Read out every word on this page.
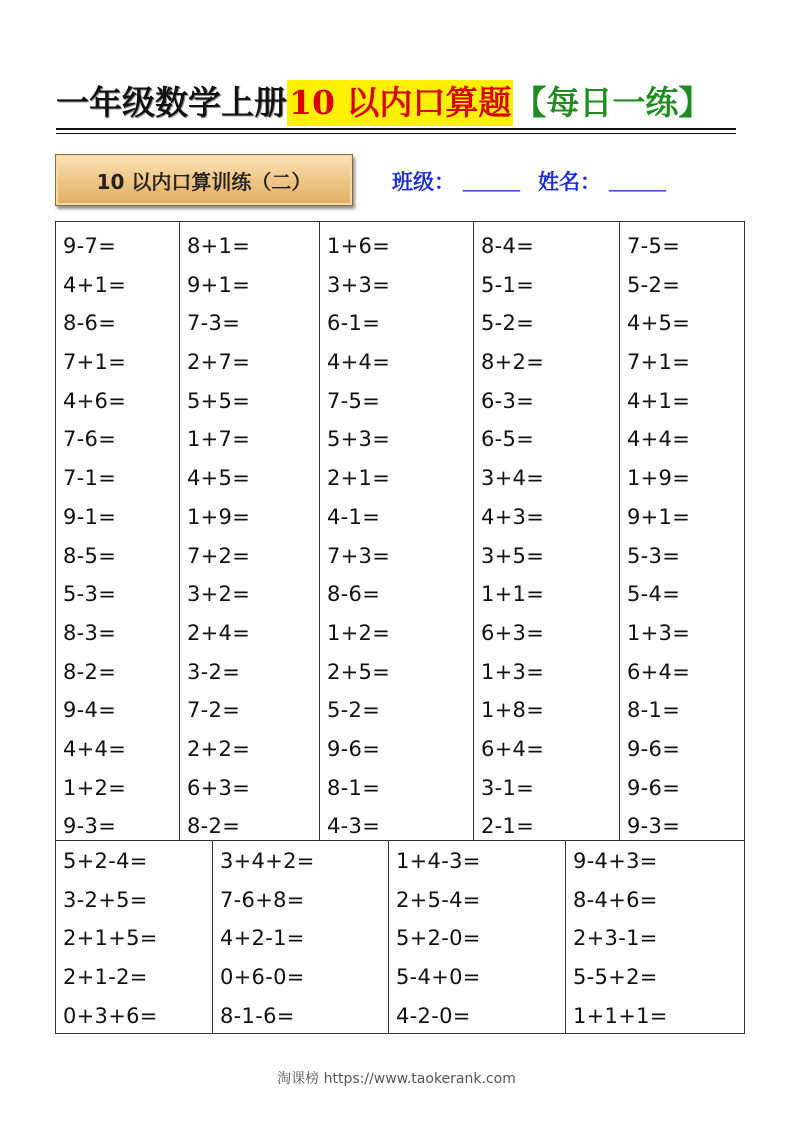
一年级数学上册 10 以内口算题 【每日一练】
10 以内口算训练（二）	班级： ______ 姓名： ______
9-7=
4+1=
8-6=
7+1=
4+6=
7-6=
7-1=
9-1=
8-5=
5-3=
8-3=
8-2=
9-4=
4+4=
1+2=
9-3=
8+1=
9+1=
7-3=
2+7=
5+5=
1+7=
4+5=
1+9=
7+2=
3+2=
2+4=
3-2=
7-2=
2+2=
6+3=
8-2=
1+6=
3+3=
6-1=
4+4=
7-5=
5+3=
2+1=
4-1=
7+3=
8-6=
1+2=
2+5=
5-2=
9-6=
8-1=
4-3=
8-4=
5-1=
5-2=
8+2=
6-3=
6-5=
3+4=
4+3=
3+5=
1+1=
6+3=
1+3=
1+8=
6+4=
3-1=
2-1=
7-5=
5-2=
4+5=
7+1=
4+1=
4+4=
1+9=
9+1=
5-3=
5-4=
1+3=
6+4=
8-1=
9-6=
9-6=
9-3=
5+2-4=
3-2+5=
2+1+5=
2+1-2=
0+3+6=
3+4+2=
7-6+8=
4+2-1=
0+6-0=
8-1-6=
1+4-3=
2+5-4=
5+2-0=
5-4+0=
4-2-0=
9-4+3=
8-4+6=
2+3-1=
5-5+2=
1+1+1=
淘课榜 https://www.taokerank.com
